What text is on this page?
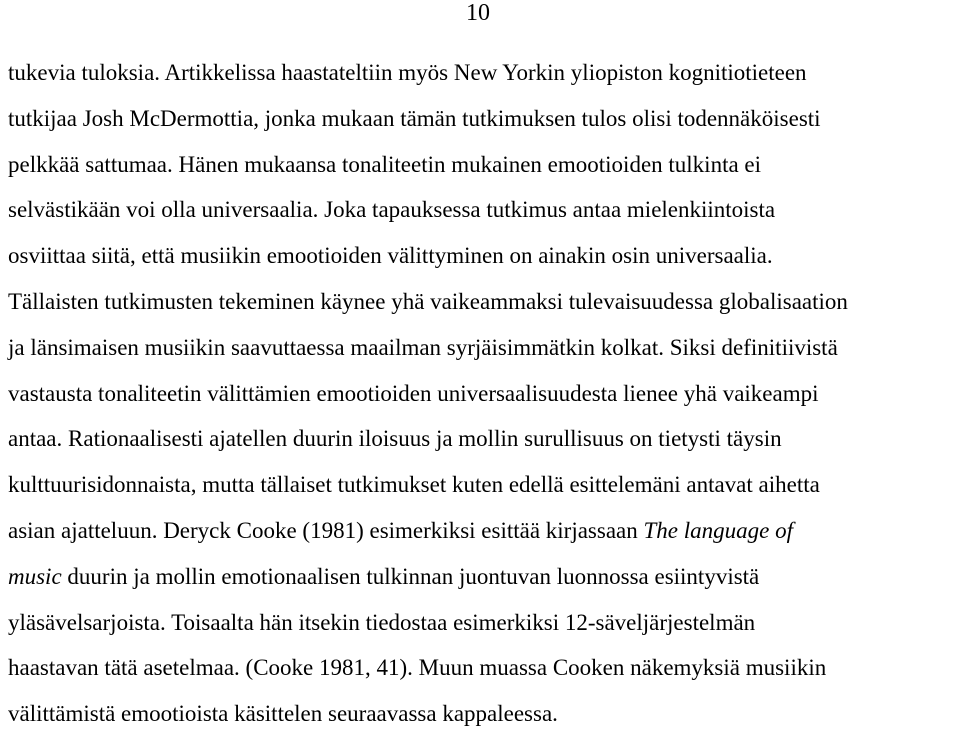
10
tukevia tuloksia. Artikkelissa haastateltiin myös New Yorkin yliopiston kognitiotieteen
tutkijaa Josh McDermottia, jonka mukaan tämän tutkimuksen tulos olisi todennäköisesti
pelkkää sattumaa. Hänen mukaansa tonaliteetin mukainen emootioiden tulkinta ei
selvästikään voi olla universaalia. Joka tapauksessa tutkimus antaa mielenkiintoista
osviittaa siitä, että musiikin emootioiden välittyminen on ainakin osin universaalia.
Tällaisten tutkimusten tekeminen käynee yhä vaikeammaksi tulevaisuudessa globalisaation
ja länsimaisen musiikin saavuttaessa maailman syrjäisimmätkin kolkat. Siksi definitiivistä
vastausta tonaliteetin välittämien emootioiden universaalisuudesta lienee yhä vaikeampi
antaa. Rationaalisesti ajatellen duurin iloisuus ja mollin surullisuus on tietysti täysin
kulttuurisidonnaista, mutta tällaiset tutkimukset kuten edellä esittelemäni antavat aihetta
asian ajatteluun. Deryck Cooke (1981) esimerkiksi esittää kirjassaan The language of
music duurin ja mollin emotionaalisen tulkinnan juontuvan luonnossa esiintyvistä
yläsävelsarjoista. Toisaalta hän itsekin tiedostaa esimerkiksi 12-säveljärjestelmän
haastavan tätä asetelmaa. (Cooke 1981, 41). Muun muassa Cooken näkemyksiä musiikin
välittämistä emootioista käsittelen seuraavassa kappaleessa.
